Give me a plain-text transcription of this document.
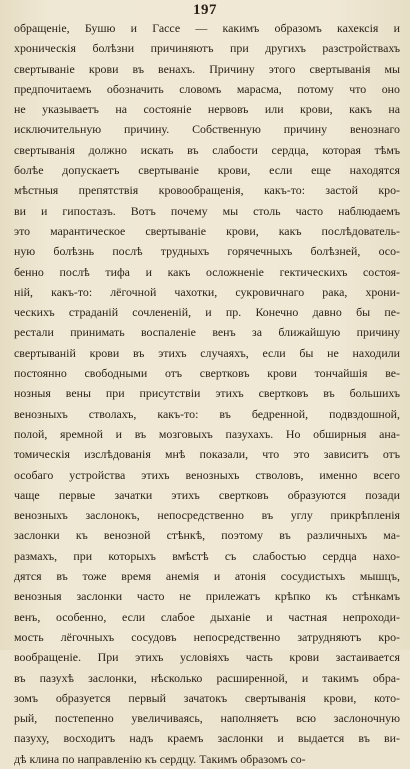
197
обращеніе, Бушю и Гассе — какимъ образомъ кахексія и
хроническія болѣзни причиняютъ при другихъ разстройствахъ
свертываніе крови въ венахъ. Причину этого свертыванія мы
предпочитаемъ обозначить словомъ марасма, потому что оно
не указываетъ на состояніе нервовъ или крови, какъ на
исключительную причину. Собственную причину венознаго
свертыванія должно искать въ слабости сердца, которая тѣмъ
болѣе допускаетъ свертываніе крови, если еще находятся
мѣстныя препятствія кровообращенія, какъ-то: застой кро-
ви и гипостазъ. Вотъ почему мы столь часто наблюдаемъ
это марантическое свертываніе крови, какъ послѣдователь-
ную болѣзнь послѣ трудныхъ горячечныхъ болѣзней, осо-
бенно послѣ тифа и какъ осложненіе гектическихъ состоя-
ній, какъ-то: лёгочной чахотки, сукровичнаго рака, хрони-
ческихъ страданій сочлененій, и пр. Конечно давно бы пе-
рестали принимать воспаленіе венъ за ближайшую причину
свертываній крови въ этихъ случаяхъ, если бы не находили
постоянно свободными отъ свертковъ крови тончайшія ве-
нозныя вены при присутствіи этихъ свертковъ въ большихъ
венозныхъ стволахъ, какъ-то: въ бедренной, подвздошной,
полой, яремной и въ мозговыхъ пазухахъ. Но обширныя ана-
томическія изслѣдованія мнѣ показали, что это зависитъ отъ
особаго устройства этихъ венозныхъ стволовъ, именно всего
чаще первые зачатки этихъ свертковъ образуются позади
венозныхъ заслонокъ, непосредственно въ углу прикрѣпленія
заслонки къ венозной стѣнкѣ, поэтому въ различныхъ ма-
размахъ, при которыхъ вмѣстѣ съ слабостью сердца нахо-
дятся въ тоже время анемія и атонія сосудистыхъ мышцъ,
венозныя заслонки часто не прилежатъ крѣпко къ стѣнкамъ
венъ, особенно, если слабое дыханіе и частная непроходи-
мость лёгочныхъ сосудовъ непосредственно затрудняютъ кро-
вообращеніе. При этихъ условіяхъ часть крови застаивается
въ пазухѣ заслонки, нѣсколько расширенной, и такимъ обра-
зомъ образуется первый зачатокъ свертыванія крови, кото-
рый, постепенно увеличиваясь, наполняетъ всю заслоночную
пазуху, восходитъ надъ краемъ заслонки и выдается въ ви-
дѣ клина по направленію къ сердцу. Такимъ образомъ со-
